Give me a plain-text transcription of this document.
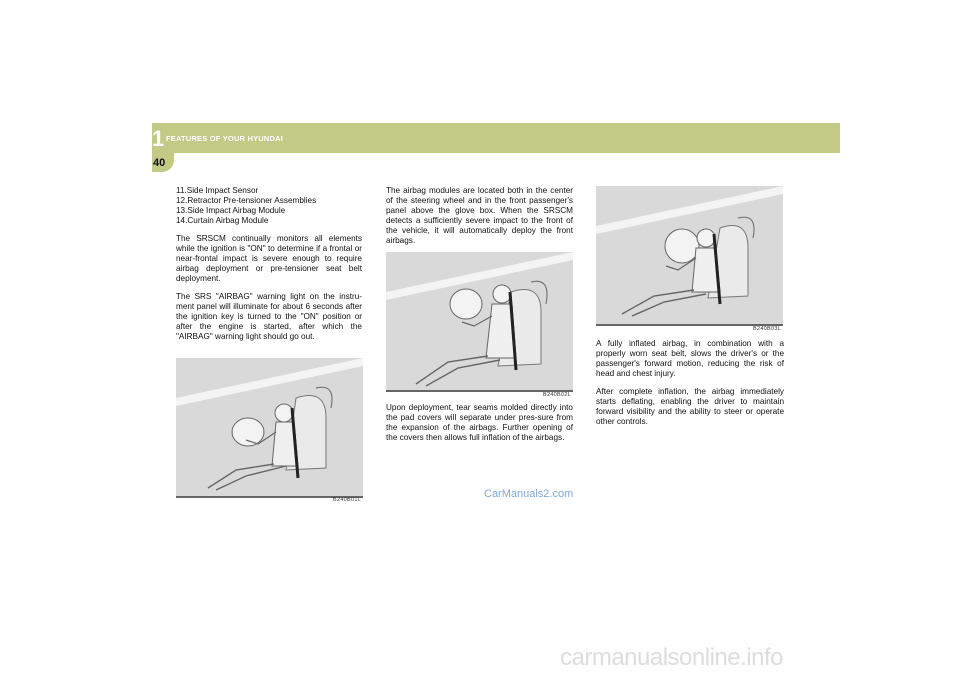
1 FEATURES OF YOUR HYUNDAI
40

11.Side Impact Sensor
12.Retractor Pre-tensioner Assemblies
13.Side Impact Airbag Module
14.Curtain Airbag Module

The SRSCM continually monitors all elements while the ignition is "ON" to determine if a frontal or near-frontal impact is severe enough to require airbag deployment or pre-tensioner seat belt deployment.

The SRS "AIRBAG" warning light on the instru-ment panel will illuminate for about 6 seconds after the ignition key is turned to the "ON" position or after the engine is started, after which the "AIRBAG" warning light should go out.

B240B01L

The airbag modules are located both in the center of the steering wheel and in the front passenger's panel above the glove box. When the SRSCM detects a sufficiently severe impact to the front of the vehicle, it will automatically deploy the front airbags.

B240B02L

Upon deployment, tear seams molded directly into the pad covers will separate under pres-sure from the expansion of the airbags. Further opening of the covers then allows full inflation of the airbags.

B240B03L

A fully inflated airbag, in combination with a properly worn seat belt, slows the driver's or the passenger's forward motion, reducing the risk of head and chest injury.

After complete inflation, the airbag immediately starts deflating, enabling the driver to maintain forward visibility and the ability to steer or operate other controls.

CarManuals2.com
carmanualsonline.info
